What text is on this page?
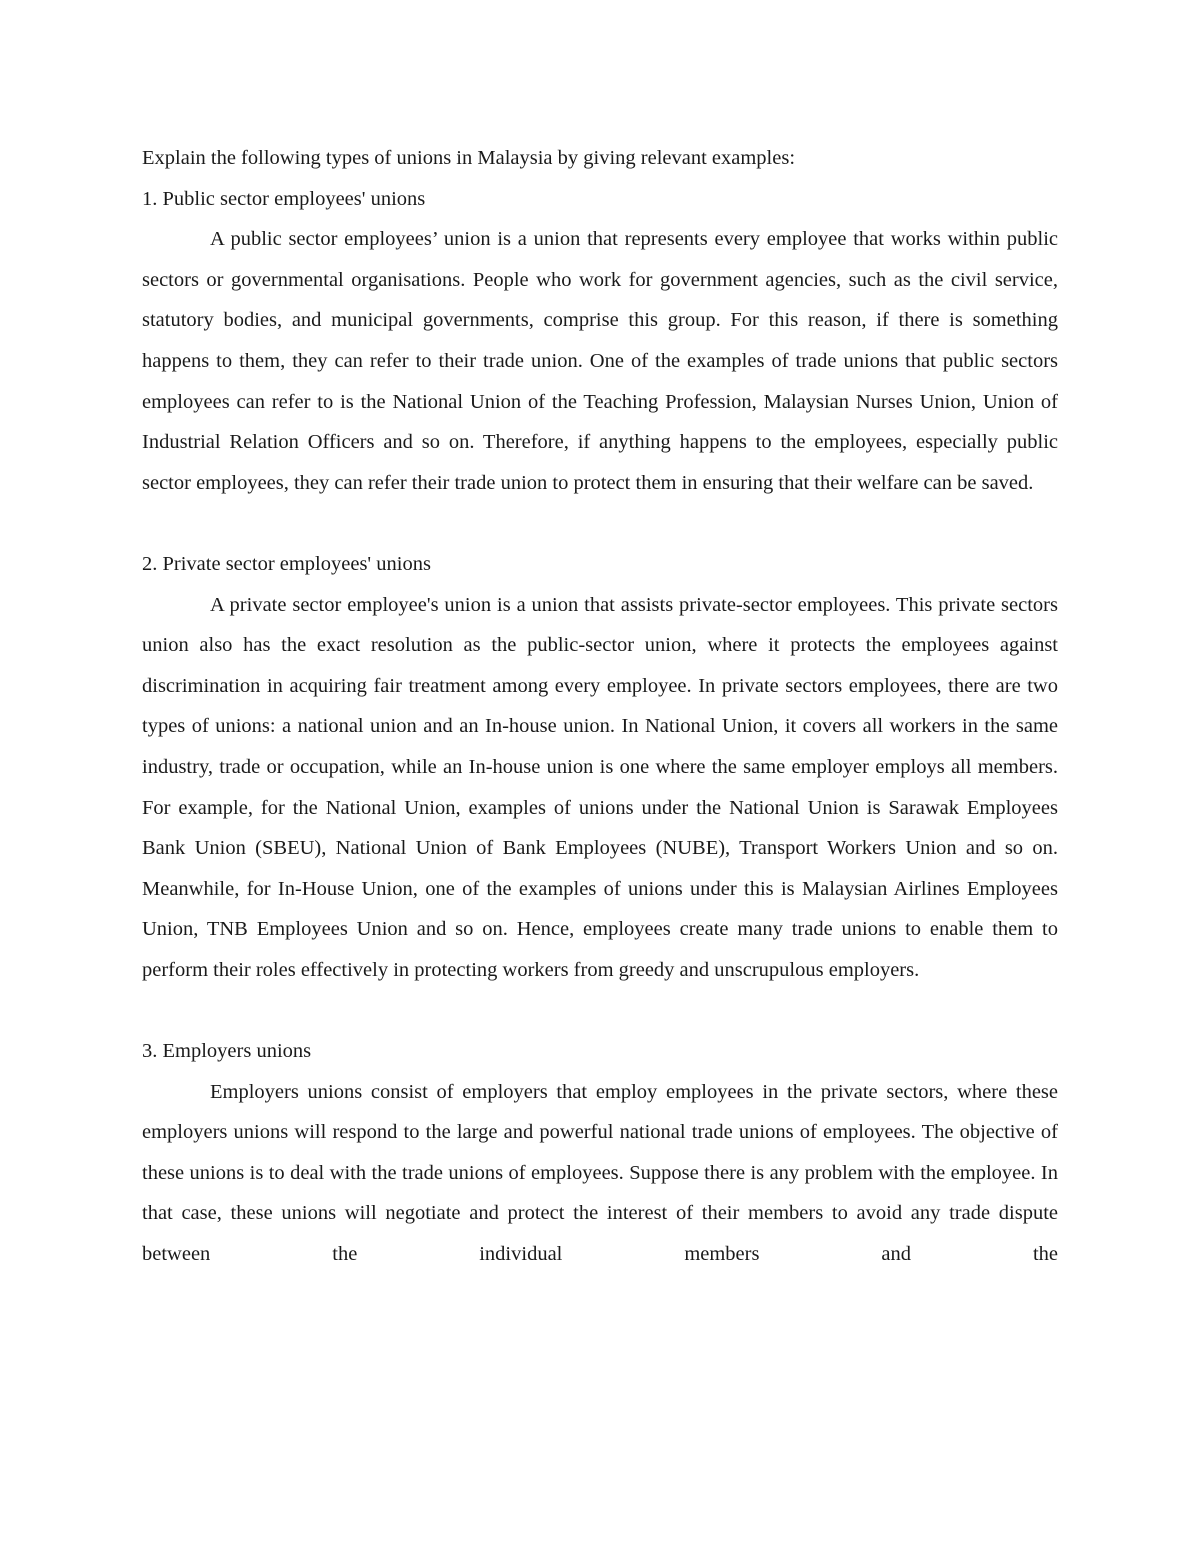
Explain the following types of unions in Malaysia by giving relevant examples:

1. Public sector employees' unions

A public sector employees’ union is a union that represents every employee that works within public sectors or governmental organisations. People who work for government agencies, such as the civil service, statutory bodies, and municipal governments, comprise this group. For this reason, if there is something happens to them, they can refer to their trade union. One of the examples of trade unions that public sectors employees can refer to is the National Union of the Teaching Profession, Malaysian Nurses Union, Union of Industrial Relation Officers and so on. Therefore, if anything happens to the employees, especially public sector employees, they can refer their trade union to protect them in ensuring that their welfare can be saved.

2. Private sector employees' unions

A private sector employee's union is a union that assists private-sector employees. This private sectors union also has the exact resolution as the public-sector union, where it protects the employees against discrimination in acquiring fair treatment among every employee. In private sectors employees, there are two types of unions: a national union and an In-house union. In National Union, it covers all workers in the same industry, trade or occupation, while an In-house union is one where the same employer employs all members. For example, for the National Union, examples of unions under the National Union is Sarawak Employees Bank Union (SBEU), National Union of Bank Employees (NUBE), Transport Workers Union and so on. Meanwhile, for In-House Union, one of the examples of unions under this is Malaysian Airlines Employees Union, TNB Employees Union and so on. Hence, employees create many trade unions to enable them to perform their roles effectively in protecting workers from greedy and unscrupulous employers.

3. Employers unions

Employers unions consist of employers that employ employees in the private sectors, where these employers unions will respond to the large and powerful national trade unions of employees. The objective of these unions is to deal with the trade unions of employees. Suppose there is any problem with the employee. In that case, these unions will negotiate and protect the interest of their members to avoid any trade dispute between the individual members and the
